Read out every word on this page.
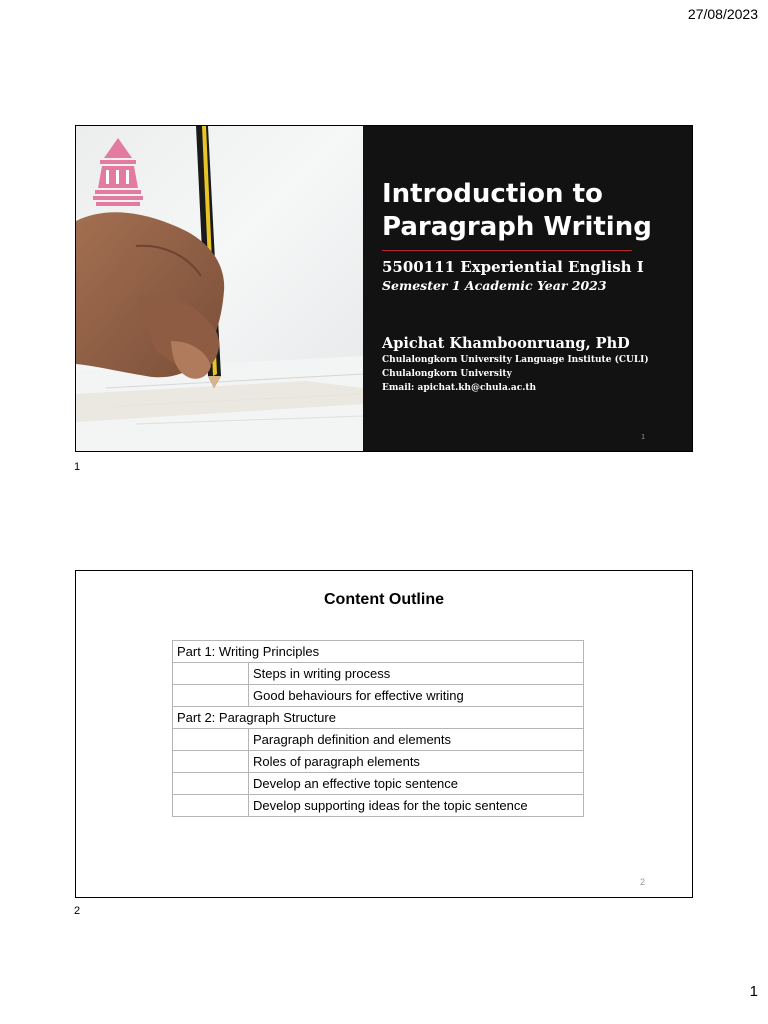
27/08/2023
Introduction to
Paragraph Writing
5500111 Experiential English I
Semester 1 Academic Year 2023
Apichat Khamboonruang, PhD
Chulalongkorn University Language Institute (CULI)
Chulalongkorn University
Email: apichat.kh@chula.ac.th
1
1
Content Outline
Part 1: Writing Principles	
	Steps in writing process
	Good behaviours for effective writing
Part 2: Paragraph Structure	
	Paragraph definition and elements
	Roles of paragraph elements
	Develop an effective topic sentence
	Develop supporting ideas for the topic sentence
2
2
1
